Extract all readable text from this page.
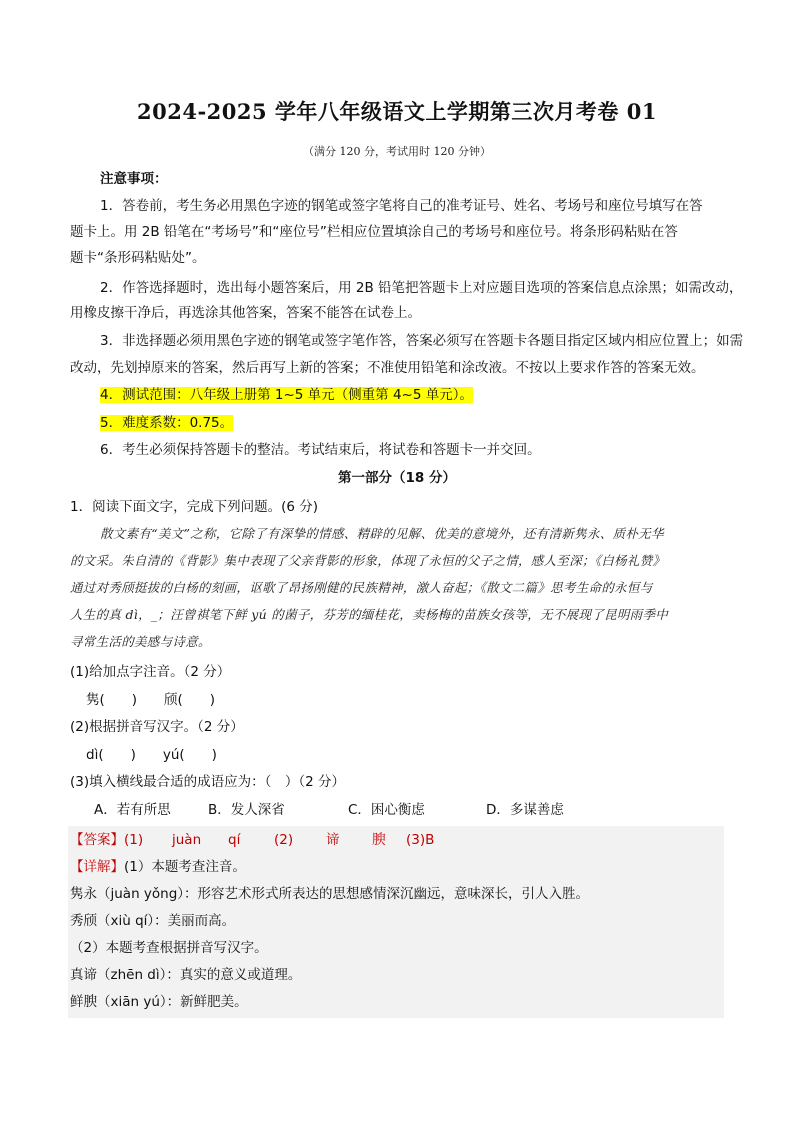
2024-2025 学年八年级语文上学期第三次月考卷 01
（满分 120 分，考试用时 120 分钟）
注意事项：
1．答卷前，考生务必用黑色字迹的钢笔或签字笔将自己的准考证号、姓名、考场号和座位号填写在答
题卡上。用 2B 铅笔在“考场号”和“座位号”栏相应位置填涂自己的考场号和座位号。将条形码粘贴在答
题卡“条形码粘贴处”。
2．作答选择题时，选出每小题答案后，用 2B 铅笔把答题卡上对应题目选项的答案信息点涂黑；如需改动，
用橡皮擦干净后，再选涂其他答案，答案不能答在试卷上。
3．非选择题必须用黑色字迹的钢笔或签字笔作答，答案必须写在答题卡各题目指定区域内相应位置上；如需
改动，先划掉原来的答案，然后再写上新的答案；不准使用铅笔和涂改液。不按以上要求作答的答案无效。
4．测试范围：八年级上册第 1~5 单元（侧重第 4~5 单元）。
5．难度系数：0.75。
6．考生必须保持答题卡的整洁。考试结束后，将试卷和答题卡一并交回。
第一部分（18 分）
1．阅读下面文字，完成下列问题。(6 分)
散文素有“美文”之称，它除了有深挚的情感、精辟的见解、优美的意境外，还有清新隽永、质朴无华
的文采。朱自清的《背影》集中表现了父亲背影的形象，体现了永恒的父子之情，感人至深；《白杨礼赞》
通过对秀颀挺拔的白杨的刻画，讴歌了昂扬刚健的民族精神，激人奋起；《散文二篇》思考生命的永恒与
人生的真 dì，_；汪曾祺笔下鲜 yú 的菌子，芬芳的缅桂花，卖杨梅的苗族女孩等，无不展现了昆明雨季中
寻常生活的美感与诗意。
(1)给加点字注音。（2 分）
隽(　　)　　颀(　　)
(2)根据拼音写汉字。（2 分）
dì(　　)　　yú(　　)
(3)填入横线最合适的成语应为：（　）（2 分）
A．若有所思	B．发人深省	C．困心衡虑	D．多谋善虑
【答案】(1) juàn qí (2) 谛 腴 (3)B
【详解】(1）本题考查注音。
隽永（juàn yǒng）：形容艺术形式所表达的思想感情深沉幽远，意味深长，引人入胜。
秀颀（xiù qí）：美丽而高。
（2）本题考查根据拼音写汉字。
真谛（zhēn dì）：真实的意义或道理。
鲜腴（xiān yú）：新鲜肥美。
